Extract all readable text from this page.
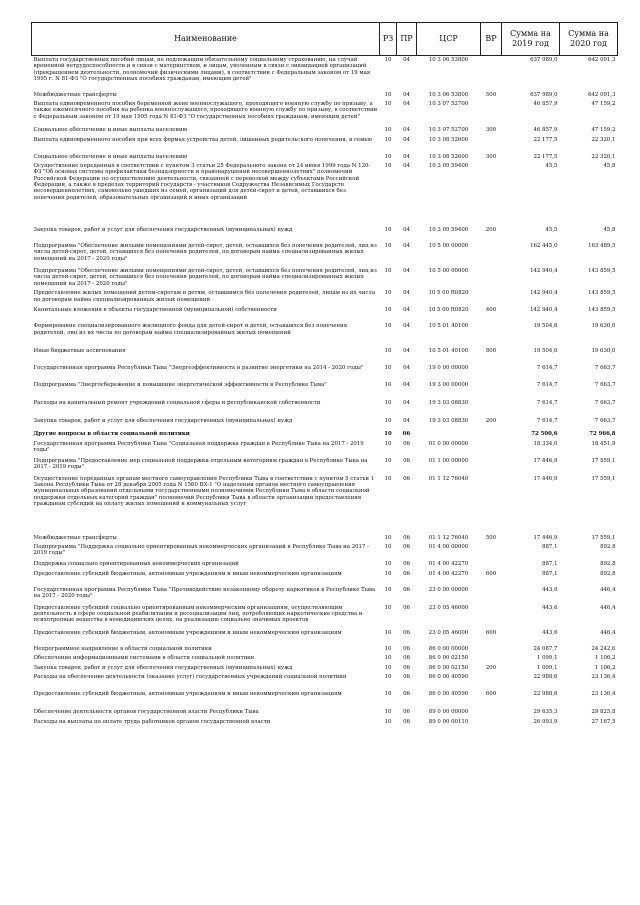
Наименование	РЗ	ПР	ЦСР	ВР	Сумма на 2019 год	Сумма на 2020 год
Выплата государственных пособий лицам, не подлежащим обязательному социальному страхованию, на случай временной нетрудоспособности и в связи с материнством, и лицам, уволенным в связи с ликвидацией организаций (прекращением деятельности, полномочий физическими лицами), в соответствии с Федеральным законом от 19 мая 1995 г. N 81-ФЗ "О государственных пособиях гражданам, имеющим детей"	10	04	10 3 06 53800		637 989,0	642 091,3
Межбюджетные трансферты	10	04	10 3 06 53800	500	637 989,0	642 091,3
Выплата единовременного пособия беременной жене военнослужащего, проходящего военную службу по призыву, а также ежемесячного пособия на ребенка военнослужащего, проходящего военную службу по призыву, в соответствии с Федеральным законом от 19 мая 1995 года N 81-ФЗ "О государственных пособиях гражданам, имеющим детей"	10	04	10 3 07 52700		46 857,9	47 159,2
Социальное обеспечение и иные выплаты населению	10	04	10 3 07 52700	300	46 857,9	47 159,2
Выплата единовременного пособия при всех формах устройства детей, лишенных родительского попечения, в семью	10	04	10 3 08 52600		22 177,5	22 320,1
Социальное обеспечение и иные выплаты населению	10	04	10 3 08 52600	300	22 177,5	22 320,1
Осуществление переданных в соответствии с пунктом 3 статьи 25 Федерального закона от 24 июня 1999 года N 120-ФЗ "Об основах системы профилактики безнадзорности и правонарушений несовершеннолетних" полномочий Российской Федерации по осуществлению деятельности, связанной с перевозкой между субъектами Российской Федерации, а также в пределах территорий государств - участников Содружества Независимых Государств несовершеннолетних, самовольно ушедших из семей, организаций для детей-сирот и детей, оставшихся без попечения родителей, образовательных организаций и иных организаций	10	04	10 3 09 59400		45,5	45,8
Закупка товаров, работ и услуг для обеспечения государственных (муниципальных) нужд	10	04	10 3 09 59400	200	45,5	45,8
Подпрограмма "Обеспечение жилыми помещениями детей-сирот, детей, оставшихся без попечения родителей, лиц из числа детей-сирот, детей, оставшихся без попечения родителей, по договорам найма специализированных жилых помещений на 2017 - 2020 годы"	10	04	10 5 00 00000		162 445,0	163 489,5
Подпрограмма "Обеспечение жилыми помещениями детей-сирот, детей, оставшихся без попечения родителей, лиц из числа детей-сирот, детей, оставшихся без попечения родителей, по договорам найма специализированных жилых помещений на 2017 - 2020 годы"	10	04	10 5 00 00000		142 940,4	143 859,5
Предоставление жилых помещений детям-сиротам и детям, оставшимся без попечения родителей, лицам из их числа по договорам найма специализированных жилых помещений	10	04	10 5 00 R0820		142 940,4	143 859,5
Капитальные вложения в объекты государственной (муниципальной) собственности	10	04	10 5 00 R0820	400	142 940,4	143 859,5
Формирование специализированного жилищного фонда для детей-сирот и детей, оставшихся без попечения родителей, лиц из их числа по договорам найма специализированных жилых помещений	10	04	10 5 01 40100		19 504,6	19 630,0
Иные бюджетные ассигнования	10	04	10 5 01 40100	800	19 504,6	19 630,0
Государственная программа Республики Тыва "Энергоэффективность и развитие энергетики на 2014 - 2020 годы"	10	04	19 0 00 00000		7 614,7	7 663,7
Подпрограмма "Энергосбережение и повышение энергетической эффективности в Республике Тыва"	10	04	19 3 00 00000		7 614,7	7 663,7
Расходы на капитальный ремонт учреждений социальной сферы и республиканской собственности	10	04	19 3 03 08830		7 614,7	7 663,7
Закупка товаров, работ и услуг для обеспечения государственных (муниципальных) нужд	10	04	19 3 03 08830	200	7 614,7	7 663,7
Другие вопросы в области социальной политики	10	06			72 500,6	72 966,8
Государственная программа Республики Тыва "Социальная поддержка граждан в Республике Тыва на 2017 - 2019 годы"	10	06	01 0 00 00000		18 334,0	18 451,9
Подпрограмма "Предоставление мер социальной поддержки отдельным категориям граждан в Республике Тыва на 2017 - 2019 годы"	10	06	01 1 00 00000		17 446,9	17 559,1
Осуществление переданных органам местного самоуправления Республики Тыва в соответствии с пунктом 5 статьи 1 Закона Республики Тыва от 28 декабря 2005 года N 1560 ВХ-1 "О наделении органов местного самоуправления муниципальных образований отдельными государственными полномочиями Республики Тыва в области социальной поддержки отдельных категорий граждан" полномочий Республики Тыва в области организации предоставления гражданам субсидий на оплату жилых помещений и коммунальных услуг	10	06	01 1 12 76040		17 446,9	17 559,1
Межбюджетные трансферты	10	06	01 1 12 76040	500	17 446,9	17 559,1
Подпрограмма "Поддержка социально ориентированных некоммерческих организаций в Республике Тыва на 2017 - 2019 годы"	10	06	01 4 00 00000		887,1	892,8
Поддержка социально ориентированных некоммерческих организаций	10	06	01 4 00 42270		887,1	892,8
Предоставление субсидий бюджетным, автономным учреждениям и иным некоммерческим организациям	10	06	01 4 00 42270	600	887,1	892,8
Государственная программа Республики Тыва "Противодействие незаконному обороту наркотиков в Республике Тыва на 2017 - 2020 годы"	10	06	23 0 00 00000		443,6	446,4
Предоставление субсидий социально ориентированным некоммерческим организациям, осуществляющим деятельность в сфере социальной реабилитации и ресоциализации лиц, потребляющих наркотические средства и психотропные вещества в немедицинских целях, на реализацию социально значимых проектов	10	06	23 0 05 46000		443,6	446,4
Предоставление субсидий бюджетным, автономным учреждениям и иным некоммерческим организациям	10	06	23 0 05 46000	600	443,6	446,4
Непрограммное направление в области социальной политики	10	06	86 0 00 00000		24 087,7	24 242,6
Обеспечение информационными системами в области социальной политики	10	06	86 0 00 02150		1 099,1	1 106,2
Закупка товаров, работ и услуг для обеспечения государственных (муниципальных) нужд	10	06	86 0 00 02150	200	1 099,1	1 106,2
Расходы на обеспечение деятельности (оказание услуг) государственных учреждений социальной политики	10	06	86 0 00 40590		22 988,6	23 136,4
Предоставление субсидий бюджетным, автономным учреждениям и иным некоммерческим организациям	10	06	86 0 00 40590	600	22 988,6	23 136,4
Обеспечение деятельности органов государственной власти Республики Тыва	10	06	89 0 00 00000		29 635,3	29 825,8
Расходы на выплаты по оплате труда работников органов государственной власти	10	06	89 0 00 00110		26 993,9	27 167,5
